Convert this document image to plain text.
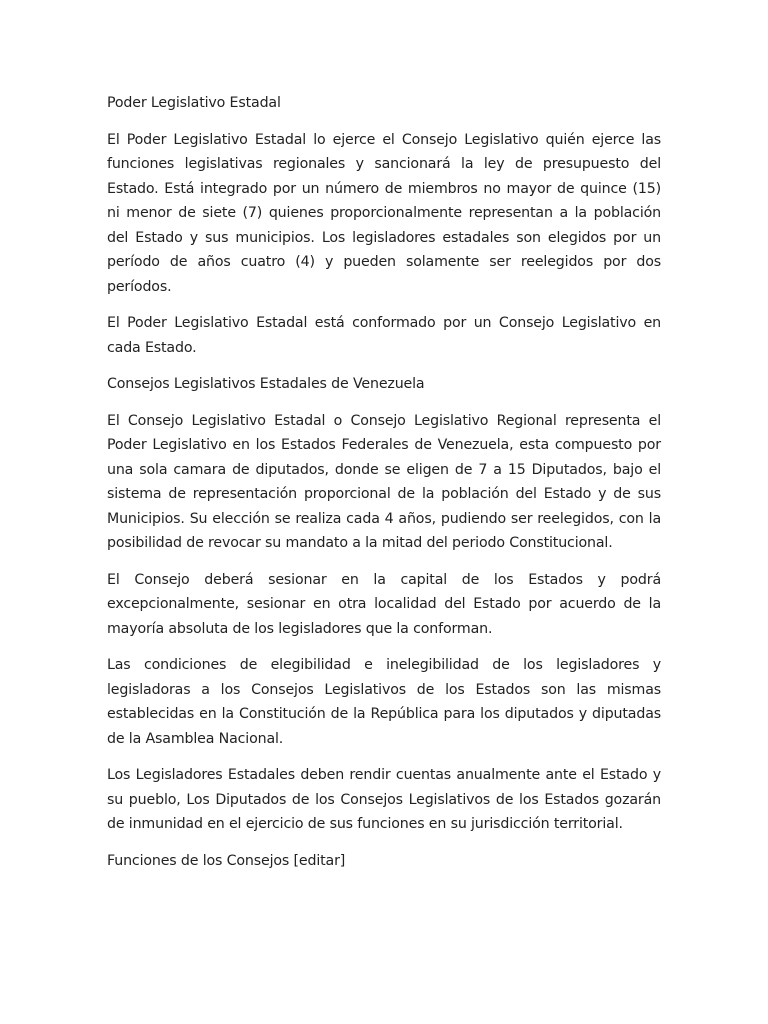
Poder Legislativo Estadal

El Poder Legislativo Estadal lo ejerce el Consejo Legislativo quién ejerce las funciones legislativas regionales y sancionará la ley de presupuesto del Estado. Está integrado por un número de miembros no mayor de quince (15) ni menor de siete (7) quienes proporcionalmente representan a la población del Estado y sus municipios. Los legisladores estadales son elegidos por un período de años cuatro (4) y pueden solamente ser reelegidos por dos períodos.

El Poder Legislativo Estadal está conformado por un Consejo Legislativo en cada Estado.

Consejos Legislativos Estadales de Venezuela

El Consejo Legislativo Estadal o Consejo Legislativo Regional representa el Poder Legislativo en los Estados Federales de Venezuela, esta compuesto por una sola camara de diputados, donde se eligen de 7 a 15 Diputados, bajo el sistema de representación proporcional de la población del Estado y de sus Municipios. Su elección se realiza cada 4 años, pudiendo ser reelegidos, con la posibilidad de revocar su mandato a la mitad del periodo Constitucional.

El Consejo deberá sesionar en la capital de los Estados y podrá excepcionalmente, sesionar en otra localidad del Estado por acuerdo de la mayoría absoluta de los legisladores que la conforman.

Las condiciones de elegibilidad e inelegibilidad de los legisladores y legisladoras a los Consejos Legislativos de los Estados son las mismas establecidas en la Constitución de la República para los diputados y diputadas de la Asamblea Nacional.

Los Legisladores Estadales deben rendir cuentas anualmente ante el Estado y su pueblo, Los Diputados de los Consejos Legislativos de los Estados gozarán de inmunidad en el ejercicio de sus funciones en su jurisdicción territorial.

Funciones de los Consejos [editar]
